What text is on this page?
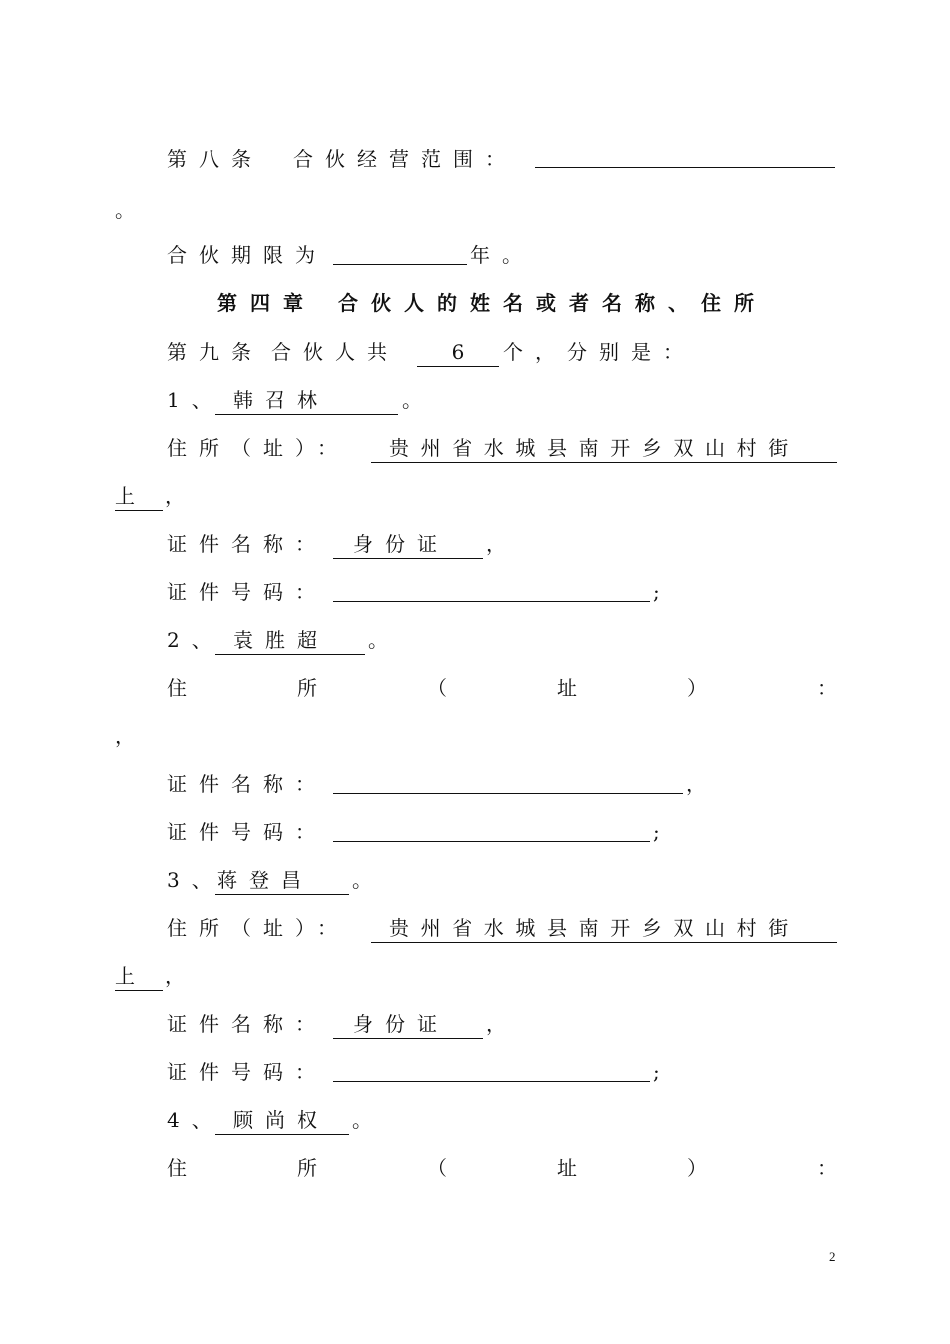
第八条 合伙经营范围：
。
合伙期限为	年。
第四章 合伙人的姓名或者名称、住所
第九条 合伙人共	6	个，分别是：
1、 韩召林	。
住所（址）：	贵州省水城县南开乡双山村街
上 ，
证件名称：	身份证	，
证件号码：	;
2、 袁胜超	。
住	所	（	址	）	：
，
证件名称：	，
证件号码：	;
3、
蒋登昌	。
住所（址）：	贵州省水城县南开乡双山村街
上 ，
证件名称：	身份证	，
证件号码：	;
4、 顾尚权	。
住	所	（	址	）	：
2
